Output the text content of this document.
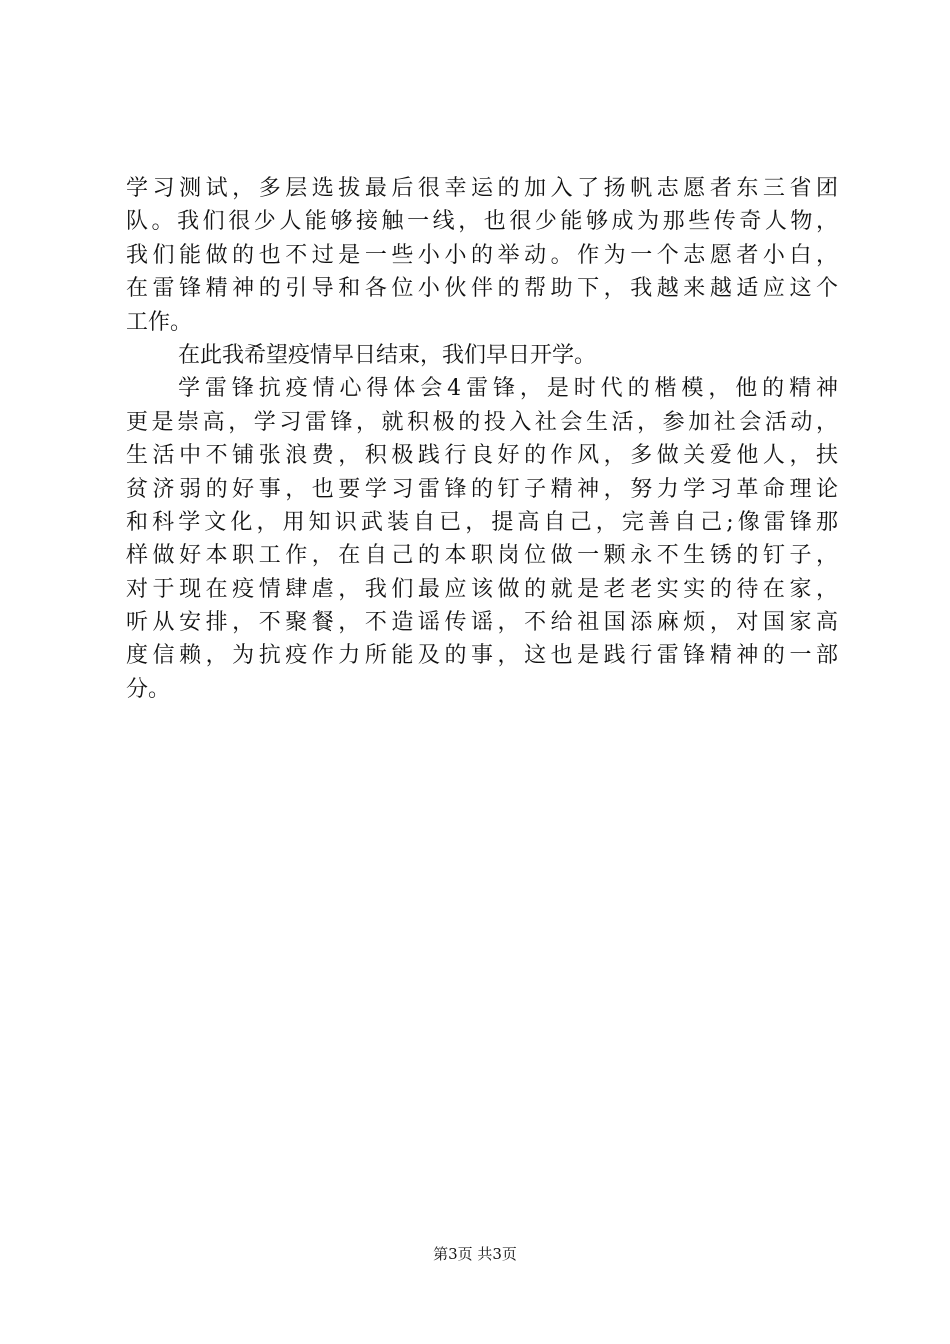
学习测试，多层选拔最后很幸运的加入了扬帆志愿者东三省团
队。我们很少人能够接触一线，也很少能够成为那些传奇人物，
我们能做的也不过是一些小小的举动。作为一个志愿者小白，
在雷锋精神的引导和各位小伙伴的帮助下，我越来越适应这个
工作。
在此我希望疫情早日结束，我们早日开学。
学雷锋抗疫情心得体会4雷锋，是时代的楷模，他的精神
更是崇高，学习雷锋，就积极的投入社会生活，参加社会活动，
生活中不铺张浪费，积极践行良好的作风，多做关爱他人，扶
贫济弱的好事，也要学习雷锋的钉子精神，努力学习革命理论
和科学文化，用知识武装自已，提高自己，完善自己;像雷锋那
样做好本职工作，在自己的本职岗位做一颗永不生锈的钉子，
对于现在疫情肆虐，我们最应该做的就是老老实实的待在家，
听从安排，不聚餐，不造谣传谣，不给祖国添麻烦，对国家高
度信赖，为抗疫作力所能及的事，这也是践行雷锋精神的一部
分。
第3页 共3页
